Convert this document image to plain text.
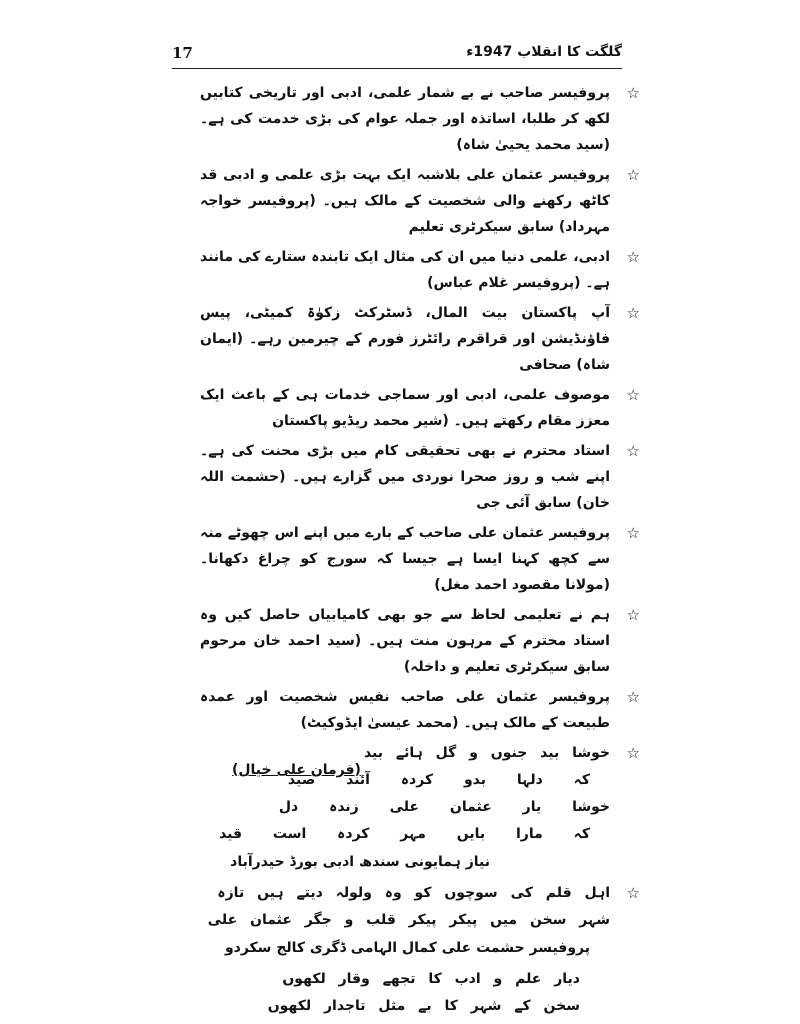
17	گلگت کا انقلاب 1947ء
☆

پروفیسر صاحب نے بے شمار علمی، ادبی اور تاریخی کتابیں لکھ کر طلبا، اساتذہ اور جملہ عوام کی بڑی خدمت کی ہے۔ (سید محمد یحییٰ شاہ)

☆

پروفیسر عثمان علی بلاشبہ ایک بہت بڑی علمی و ادبی قد کاٹھ رکھنے والی شخصیت کے مالک ہیں۔ (پروفیسر خواجہ مہرداد) سابق سیکرٹری تعلیم

☆

ادبی، علمی دنیا میں ان کی مثال ایک تابندہ ستارے کی مانند ہے۔ (پروفیسر غلام عباس)

☆

آپ پاکستان بیت المال، ڈسٹرکٹ زکوٰۃ کمیٹی، پیس فاؤنڈیشن اور قراقرم رائٹرز فورم کے چیرمین رہے۔ (ایمان شاہ) صحافی

☆

موصوف علمی، ادبی اور سماجی خدمات ہی کے باعث ایک معزز مقام رکھتے ہیں۔ (شیر محمد ریڈیو پاکستان

☆

استاد محترم نے بھی تحقیقی کام میں بڑی محنت کی ہے۔ اپنے شب و روز صحرا نوردی میں گزارے ہیں۔ (حشمت اللہ خان) سابق آئی جی

☆

پروفیسر عثمان علی صاحب کے بارے میں اپنے اس چھوٹے منہ سے کچھ کہنا ایسا ہے جیسا کہ سورج کو چراغ دکھانا۔ (مولانا مقصود احمد مغل)

☆

ہم نے تعلیمی لحاظ سے جو بھی کامیابیاں حاصل کیں وہ استاد محترم کے مرہون منت ہیں۔ (سید احمد خان مرحوم سابق سیکرٹری تعلیم و داخلہ)

☆

پروفیسر عثمان علی صاحب نفیس شخصیت اور عمدہ طبیعت کے مالک ہیں۔ (محمد عیسیٰ ایڈوکیٹ)

☆
خوشا بید جنوں و گل ہائے بید
کہ دلہا بدو کردہ آئند صید
خوشا یار عثمان علی زندہ دل
کہ مارا بایں مہر کردہ است قید
نیاز ہمایونی سندھ ادبی بورڈ حیدرآباد
☆
اہل قلم کی سوچوں کو وہ ولولہ دیتے ہیں تازہ
شہر سخن میں پیکر پیکر قلب و جگر عثمان علی
پروفیسر حشمت علی کمال الہامی ڈگری کالج سکردو
دیار علم و ادب کا تجھے وقار لکھوں
سخن کے شہر کا بے مثل تاجدار لکھوں
(فرمان علی خیال)
